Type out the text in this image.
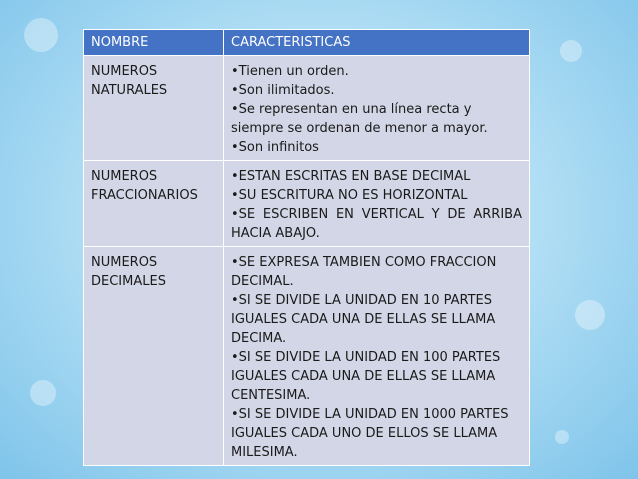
NOMBRE	CARACTERISTICAS
NUMEROS
NATURALES	•Tienen un orden.
•Son ilimitados.
•Se representan en una línea recta y siempre se ordenan de menor a mayor.
•Son infinitos

NUMEROS
FRACCIONARIOS	•ESTAN ESCRITAS EN BASE DECIMAL
•SU ESCRITURA NO ES HORIZONTAL
•SE ESCRIBEN EN VERTICAL Y DE ARRIBA HACIA ABAJO.

NUMEROS
DECIMALES	•SE EXPRESA TAMBIEN COMO FRACCION DECIMAL.
•SI SE DIVIDE LA UNIDAD EN 10 PARTES IGUALES CADA UNA DE ELLAS SE LLAMA DECIMA.
•SI SE DIVIDE LA UNIDAD EN 100 PARTES IGUALES CADA UNA DE ELLAS SE LLAMA CENTESIMA.
•SI SE DIVIDE LA UNIDAD EN 1000 PARTES IGUALES CADA UNO DE ELLOS SE LLAMA MILESIMA.
